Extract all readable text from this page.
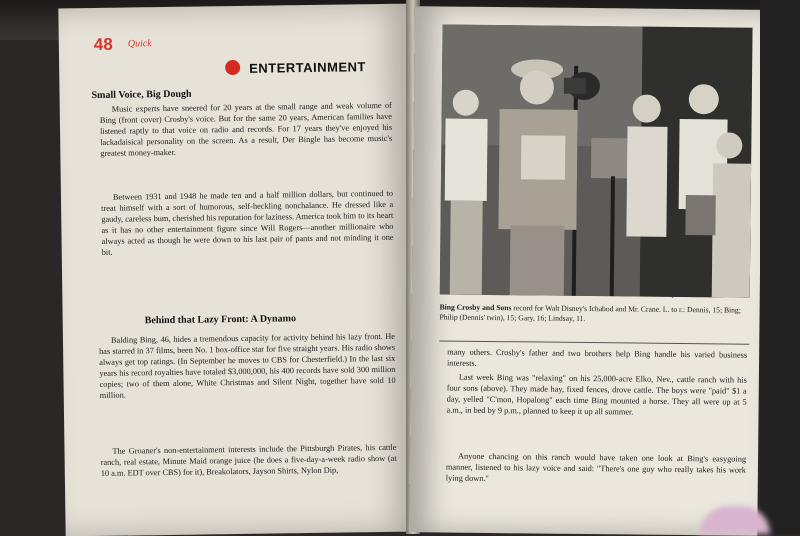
48 Quick
ENTERTAINMENT
Small Voice, Big Dough
Music experts have sneered for 20 years at the small range and weak volume of Bing (front cover) Crosby's voice. But for the same 20 years, American families have listened raptly to that voice on radio and records. For 17 years they've enjoyed his lackadaisical personality on the screen. As a result, Der Bingle has become music's greatest money-maker.
Between 1931 and 1948 he made ten and a half million dollars, but continued to treat himself with a sort of humorous, self-heckling nonchalance. He dressed like a gaudy, careless bum, cherished his reputation for laziness. America took him to its heart as it has no other entertainment figure since Will Rogers—another millionaire who always acted as though he were down to his last pair of pants and not minding it one bit.
Behind that Lazy Front: A Dynamo
Balding Bing, 46, hides a tremendous capacity for activity behind his lazy front. He has starred in 37 films, been No. 1 box-office star for five straight years. His radio shows always get top ratings. (In September he moves to CBS for Chesterfield.) In the last six years his record royalties have totaled $3,000,000, his 400 records have sold 300 million copies; two of them alone, White Christmas and Silent Night, together have sold 10 million.
The Groaner's non-entertainment interests include the Pittsburgh Pirates, his cattle ranch, real estate, Minute Maid orange juice (he does a five-day-a-week radio show (at 10 a.m. EDT over CBS) for it), Breakolators, Jayson Shirts, Nylon Dip,
Quick Photo
Bing Crosby and Sons record for Walt Disney's Ichabod and Mr. Crane. L. to r.: Dennis, 15; Bing; Philip (Dennis' twin), 15; Gary, 16; Lindsay, 11.
many others. Crosby's father and two brothers help Bing handle his varied business interests.
Last week Bing was "relaxing" on his 25,000-acre Elko, Nev., cattle ranch with his four sons (above). They made hay, fixed fences, drove cattle. The boys were "paid" $1 a day, yelled "C'mon, Hopalong" each time Bing mounted a horse. They all were up at 5 a.m., in bed by 9 p.m., planned to keep it up all summer.
Anyone chancing on this ranch would have taken one look at Bing's easygoing manner, listened to his lazy voice and said: "There's one guy who really takes his work lying down."
